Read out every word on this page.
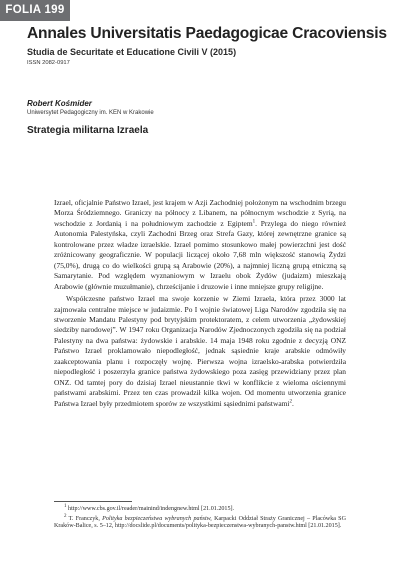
FOLIA 199
Annales Universitatis Paedagogicae Cracoviensis
Studia de Securitate et Educatione Civili V (2015)
ISSN 2082-0917
Robert Kośmider
Uniwersytet Pedagogiczny im. KEN w Krakowie
Strategia militarna Izraela

Izrael, oficjalnie Państwo Izrael, jest krajem w Azji Zachodniej położonym na wschodnim brzegu Morza Śródziemnego. Graniczy na północy z Libanem, na północnym wschodzie z Syrią, na wschodzie z Jordanią i na południowym zachodzie z Egiptem$^1$. Przylega do niego również Autonomia Palestyńska, czyli Zachodni Brzeg oraz Strefa Gazy, której zewnętrzne granice są kontrolowane przez władze izraelskie. Izrael pomimo stosunkowo małej powierzchni jest dość zróżnicowany geograficznie. W populacji liczącej około 7,68 mln większość stanowią Żydzi (75,0%), drugą co do wielkości grupą są Arabowie (20%), a najmniej liczną grupą etniczną są Samarytanie. Pod względem wyznaniowym w Izraelu obok Żydów (judaizm) mieszkają Arabowie (głównie muzułmanie), chrześcijanie i druzowie i inne mniejsze grupy religijne.

Współczesne państwo Izrael ma swoje korzenie w Ziemi Izraela, która przez 3000 lat zajmowała centralne miejsce w judaizmie. Po I wojnie światowej Liga Narodów zgodziła się na stworzenie Mandatu Palestyny pod brytyjskim protektoratem, z celem utworzenia „żydowskiej siedziby narodowej”. W 1947 roku Organizacja Narodów Zjednoczonych zgodziła się na podział Palestyny na dwa państwa: żydowskie i arabskie. 14 maja 1948 roku zgodnie z decyzją ONZ Państwo Izrael proklamowało niepodległość, jednak sąsiednie kraje arabskie odmówiły zaakceptowania planu i rozpoczęły wojnę. Pierwsza wojna izraelsko-arabska potwierdziła niepodległość i poszerzyła granice państwa żydowskiego poza zasięg przewidziany przez plan ONZ. Od tamtej pory do dzisiaj Izrael nieustannie tkwi w konflikcie z wieloma ościennymi państwami arabskimi. Przez ten czas prowadził kilka wojen. Od momentu utworzenia granice Państwa Izrael były przedmiotem sporów ze wszystkimi sąsiednimi państwami$^2$.

$^1$ http://www.cbs.gov.il/reader/mainind/indengnew.html [21.01.2015].

$^2$ T. Franczyk, Polityka bezpieczeństwa wybranych państw, Karpacki Oddział Straży Granicznej – Placówka SG Kraków-Balice, s. 5–12, http://docslide.pl/documents/polityka-bezpieczenstwa-wybranych-panstw.html [21.01.2015].
